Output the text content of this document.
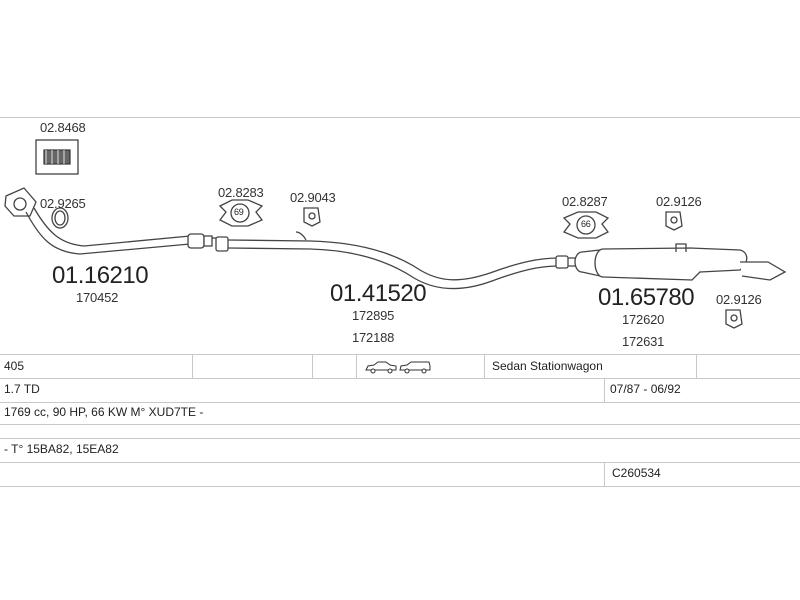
02.8468
02.9265
02.8283
69
02.9043	02.8287
66
02.9126
02.9126
01.16210
170452	01.41520
172895
172188
01.65780
172620
172631
405	Sedan Stationwagon
1.7 TD	07/87 - 06/92
1769 cc, 90 HP, 66 KW M° XUD7TE -
- T° 15BA82, 15EA82
C260534
